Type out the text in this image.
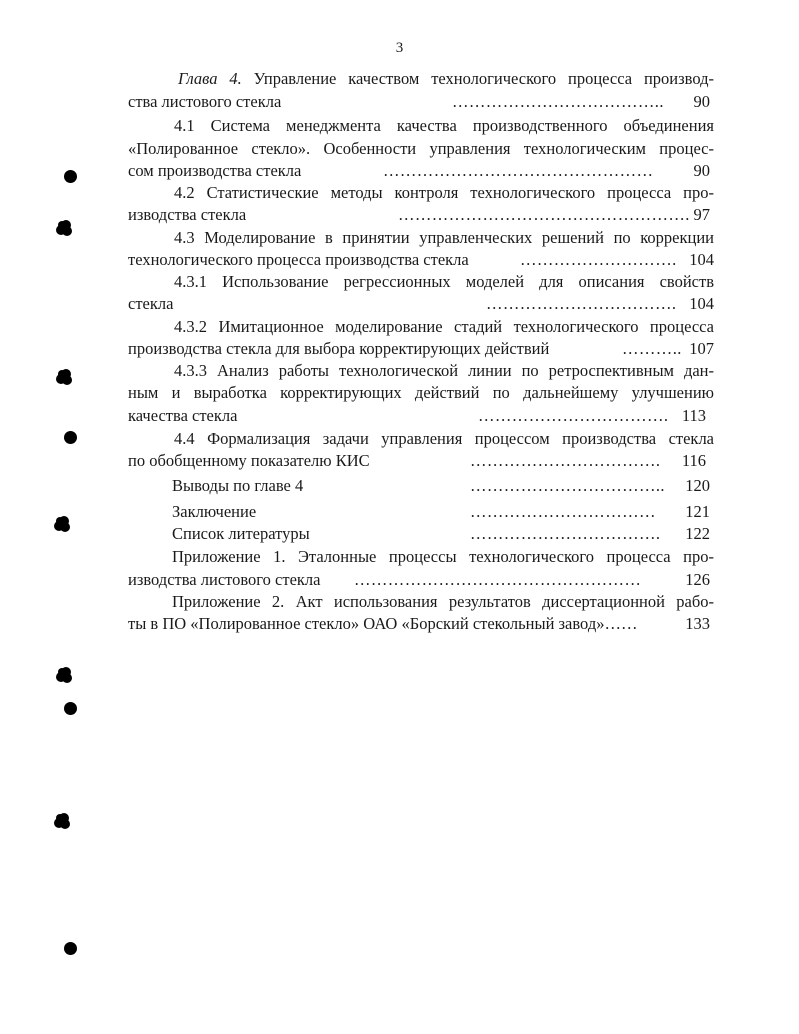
3
Глава 4. Управление качеством технологического процесса производ-
ства листового стекла	……………………………….. 90
4.1 Система менеджмента качества производственного объединения
«Полированное стекло». Особенности управления технологическим процес-
сом производства стекла	………………………………………… 90
4.2 Статистические методы контроля технологического процесса про-
изводства стекла	……………………………………………. 97
4.3 Моделирование в принятии управленческих решений по коррекции
технологического процесса производства стекла	………………………. 104
4.3.1 Использование регрессионных моделей для описания свойств
стекла	……………………………. 104
4.3.2 Имитационное моделирование стадий технологического процесса
производства стекла для выбора корректирующих действий	……….. 107
4.3.3 Анализ работы технологической линии по ретроспективным дан-
ным и выработка корректирующих действий по дальнейшему улучшению
качества стекла	……………………………. 113
4.4 Формализация задачи управления процессом производства стекла
по обобщенному показателю КИС	……………………………. 116
Выводы по главе 4	…………………………….. 120
Заключение	…………………………… 121
Список литературы	……………………………. 122
Приложение 1. Эталонные процессы технологического процесса про-
изводства листового стекла ……………………………………………	126
Приложение 2. Акт использования результатов диссертационной рабо-
ты в ПО «Полированное стекло» ОАО «Борский стекольный завод»……	133
